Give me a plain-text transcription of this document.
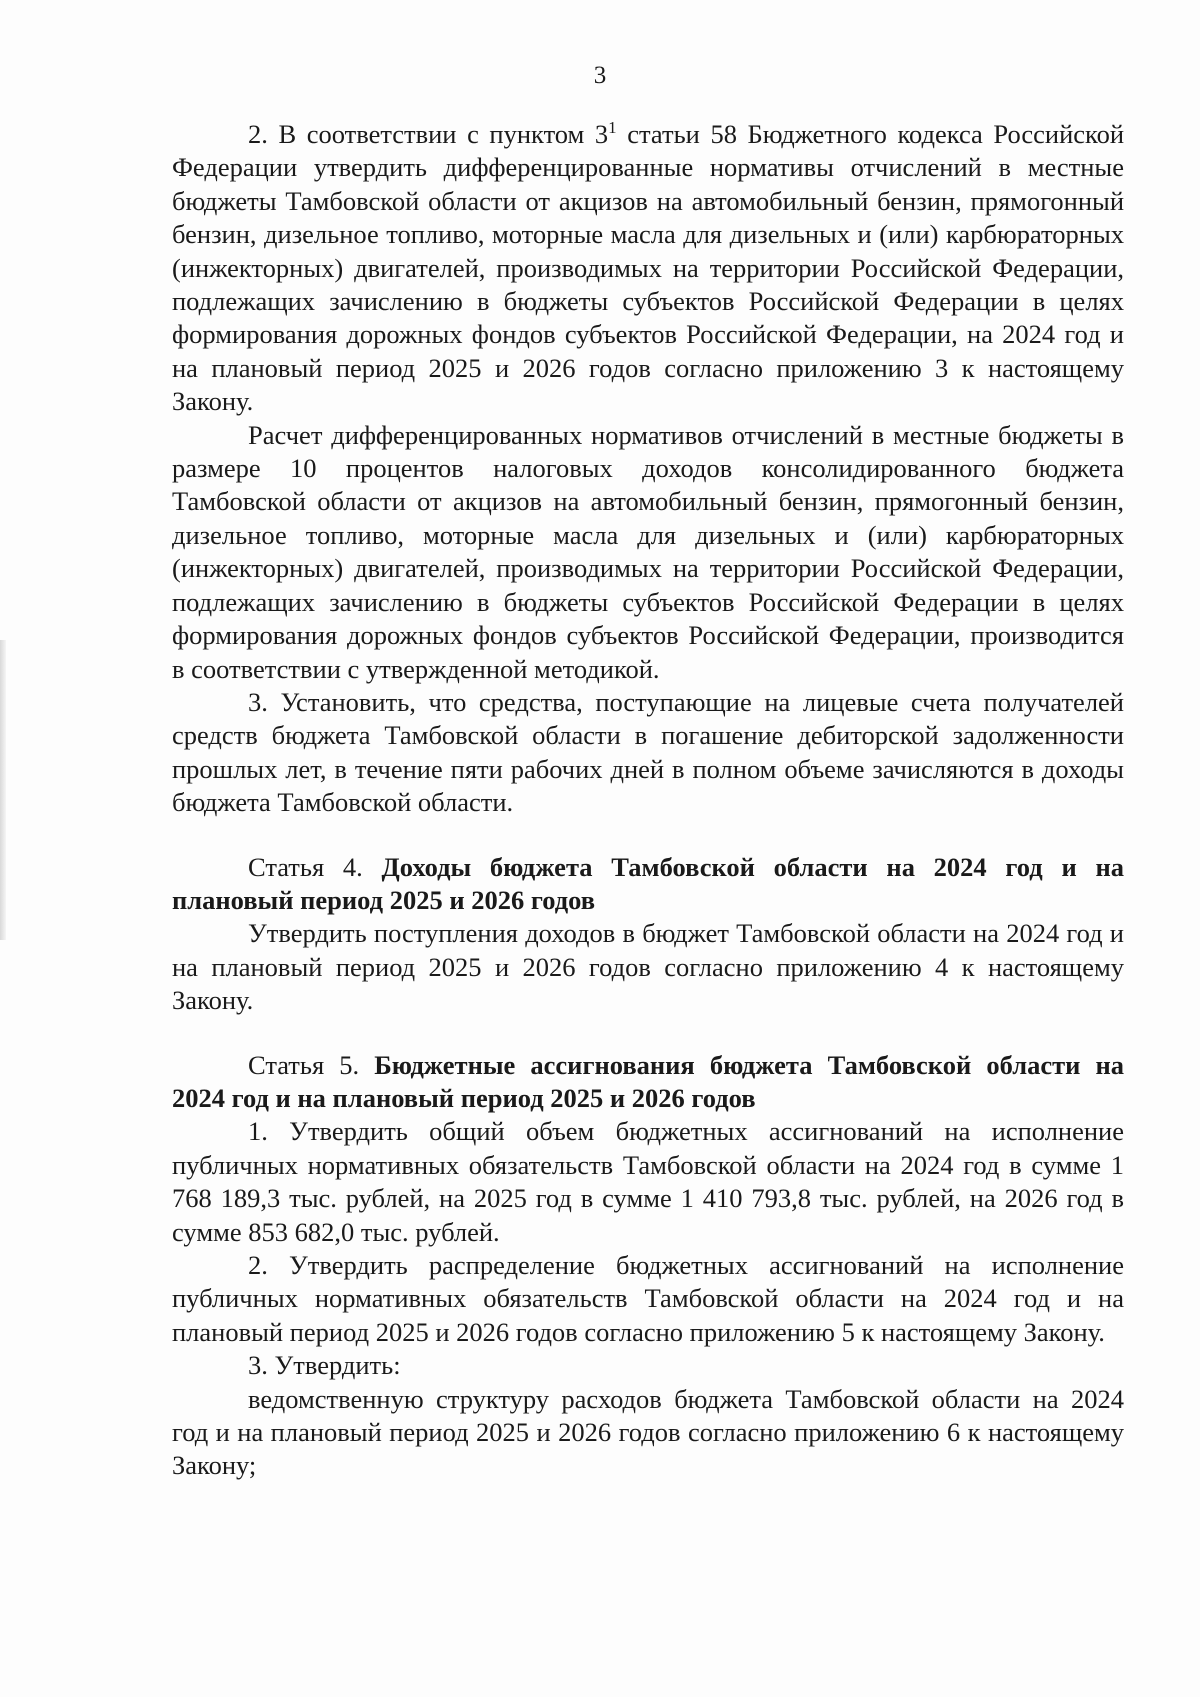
3

2. В соответствии с пунктом $3^1$ статьи 58 Бюджетного кодекса Российской Федерации утвердить дифференцированные нормативы отчислений в местные бюджеты Тамбовской области от акцизов на автомобильный бензин, прямогонный бензин, дизельное топливо, моторные масла для дизельных и (или) карбюраторных (инжекторных) двигателей, производимых на территории Российской Федерации, подлежащих зачислению в бюджеты субъектов Российской Федерации в целях формирования дорожных фондов субъектов Российской Федерации, на 2024 год и на плановый период 2025 и 2026 годов согласно приложению 3 к настоящему Закону.

Расчет дифференцированных нормативов отчислений в местные бюджеты в размере 10 процентов налоговых доходов консолидированного бюджета Тамбовской области от акцизов на автомобильный бензин, прямогонный бензин, дизельное топливо, моторные масла для дизельных и (или) карбюраторных (инжекторных) двигателей, производимых на территории Российской Федерации, подлежащих зачислению в бюджеты субъектов Российской Федерации в целях формирования дорожных фондов субъектов Российской Федерации, производится в соответствии с утвержденной методикой.

3. Установить, что средства, поступающие на лицевые счета получателей средств бюджета Тамбовской области в погашение дебиторской задолженности прошлых лет, в течение пяти рабочих дней в полном объеме зачисляются в доходы бюджета Тамбовской области.

Статья 4. Доходы бюджета Тамбовской области на 2024 год и на плановый период 2025 и 2026 годов

Утвердить поступления доходов в бюджет Тамбовской области на 2024 год и на плановый период 2025 и 2026 годов согласно приложению 4 к настоящему Закону.

Статья 5. Бюджетные ассигнования бюджета Тамбовской области на 2024 год и на плановый период 2025 и 2026 годов

1. Утвердить общий объем бюджетных ассигнований на исполнение публичных нормативных обязательств Тамбовской области на 2024 год в сумме 1 768 189,3 тыс. рублей, на 2025 год в сумме 1 410 793,8 тыс. рублей, на 2026 год в сумме 853 682,0 тыс. рублей.

2. Утвердить распределение бюджетных ассигнований на исполнение публичных нормативных обязательств Тамбовской области на 2024 год и на плановый период 2025 и 2026 годов согласно приложению 5 к настоящему Закону.

3. Утвердить:

ведомственную структуру расходов бюджета Тамбовской области на 2024 год и на плановый период 2025 и 2026 годов согласно приложению 6 к настоящему Закону;
